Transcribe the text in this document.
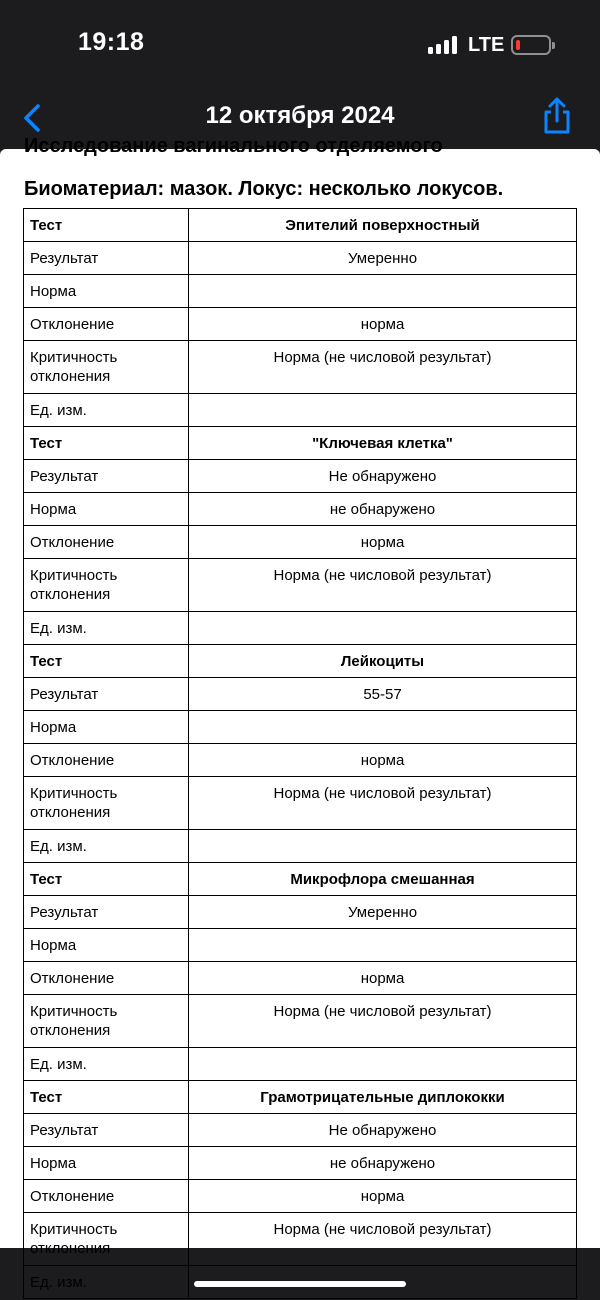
19:18	LTE
12 октября 2024
Исследование вагинального отделяемого
Биоматериал: мазок. Локус: несколько локусов.
Тест	Эпителий поверхностный
Результат	Умеренно
Норма	
Отклонение	норма
Критичность отклонения	Норма (не числовой результат)
Ед. изм.	
Тест	"Ключевая клетка"
Результат	Не обнаружено
Норма	не обнаружено
Отклонение	норма
Критичность отклонения	Норма (не числовой результат)
Ед. изм.	
Тест	Лейкоциты
Результат	55-57
Норма	
Отклонение	норма
Критичность отклонения	Норма (не числовой результат)
Ед. изм.	
Тест	Микрофлора смешанная
Результат	Умеренно
Норма	
Отклонение	норма
Критичность отклонения	Норма (не числовой результат)
Ед. изм.	
Тест	Грамотрицательные диплококки
Результат	Не обнаружено
Норма	не обнаружено
Отклонение	норма
Критичность отклонения	Норма (не числовой результат)
Ед. изм.	
